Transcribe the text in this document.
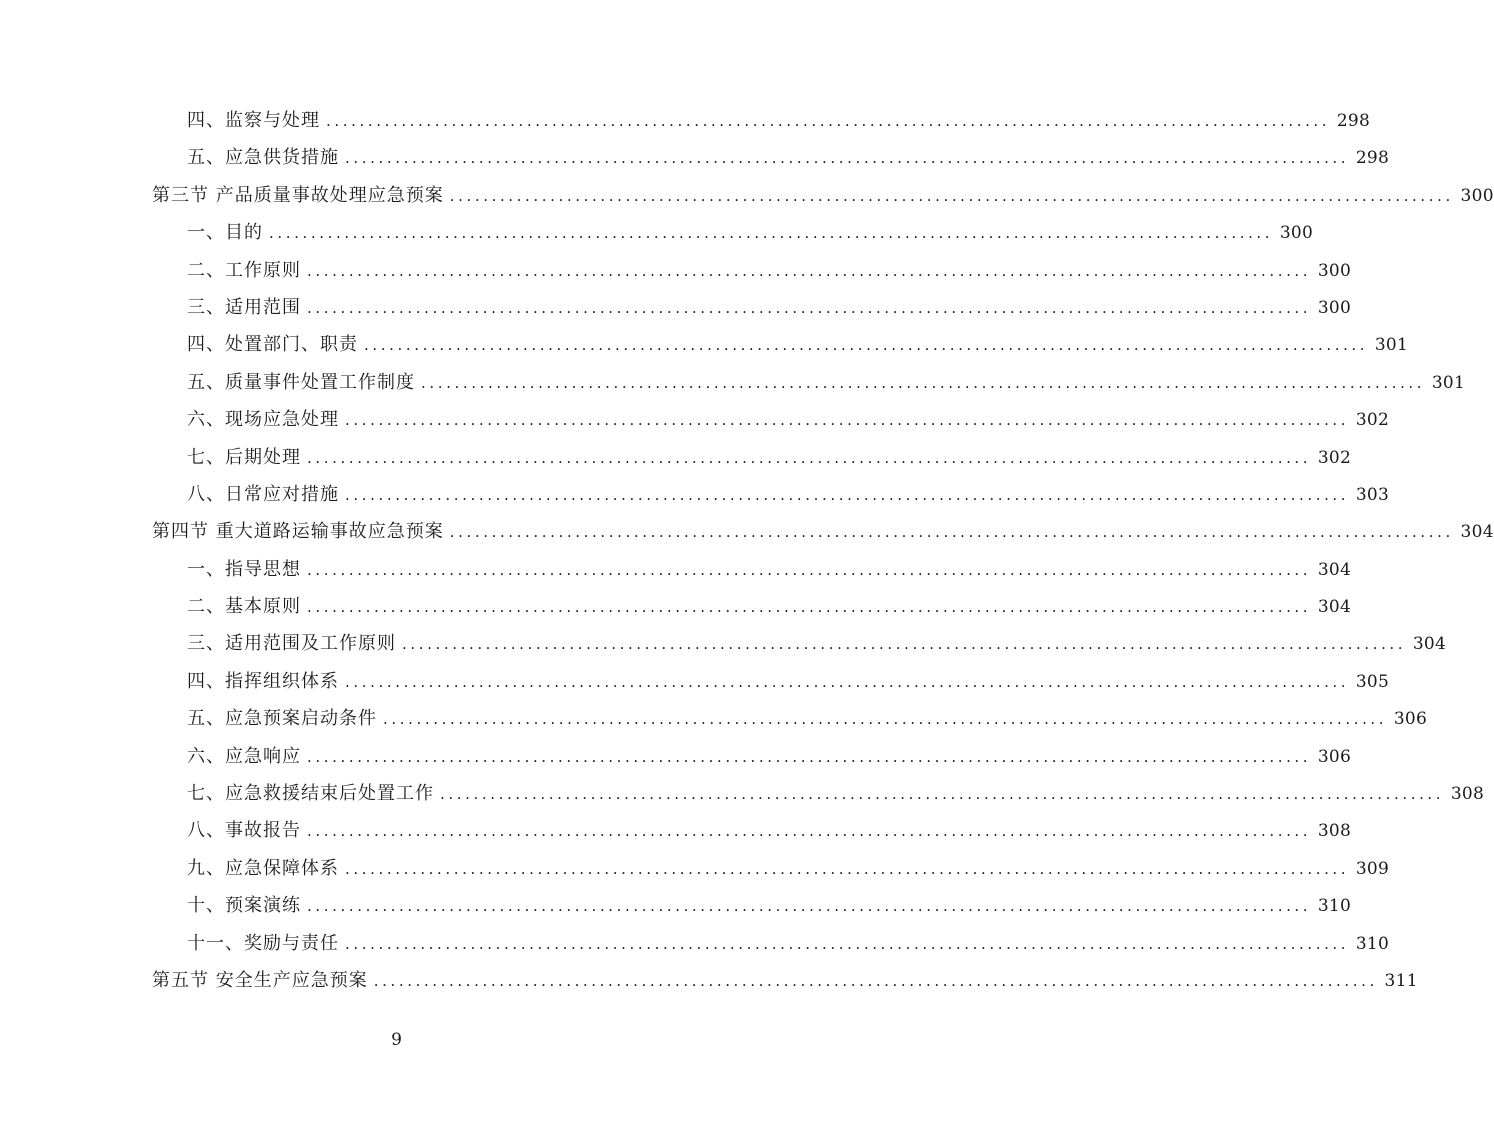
四、监察与处理 ........................................................................................................................ 298
五、应急供货措施 ........................................................................................................................ 298
第三节 产品质量事故处理应急预案 ........................................................................................................................ 300
一、目的 ........................................................................................................................ 300
二、工作原则 ........................................................................................................................ 300
三、适用范围 ........................................................................................................................ 300
四、处置部门、职责 ........................................................................................................................ 301
五、质量事件处置工作制度 ........................................................................................................................ 301
六、现场应急处理 ........................................................................................................................ 302
七、后期处理 ........................................................................................................................ 302
八、日常应对措施 ........................................................................................................................ 303
第四节 重大道路运输事故应急预案 ........................................................................................................................ 304
一、指导思想 ........................................................................................................................ 304
二、基本原则 ........................................................................................................................ 304
三、适用范围及工作原则 ........................................................................................................................ 304
四、指挥组织体系 ........................................................................................................................ 305
五、应急预案启动条件 ........................................................................................................................ 306
六、应急响应 ........................................................................................................................ 306
七、应急救援结束后处置工作 ........................................................................................................................ 308
八、事故报告 ........................................................................................................................ 308
九、应急保障体系 ........................................................................................................................ 309
十、预案演练 ........................................................................................................................ 310
十一、奖励与责任 ........................................................................................................................ 310
第五节 安全生产应急预案 ........................................................................................................................ 311
9
